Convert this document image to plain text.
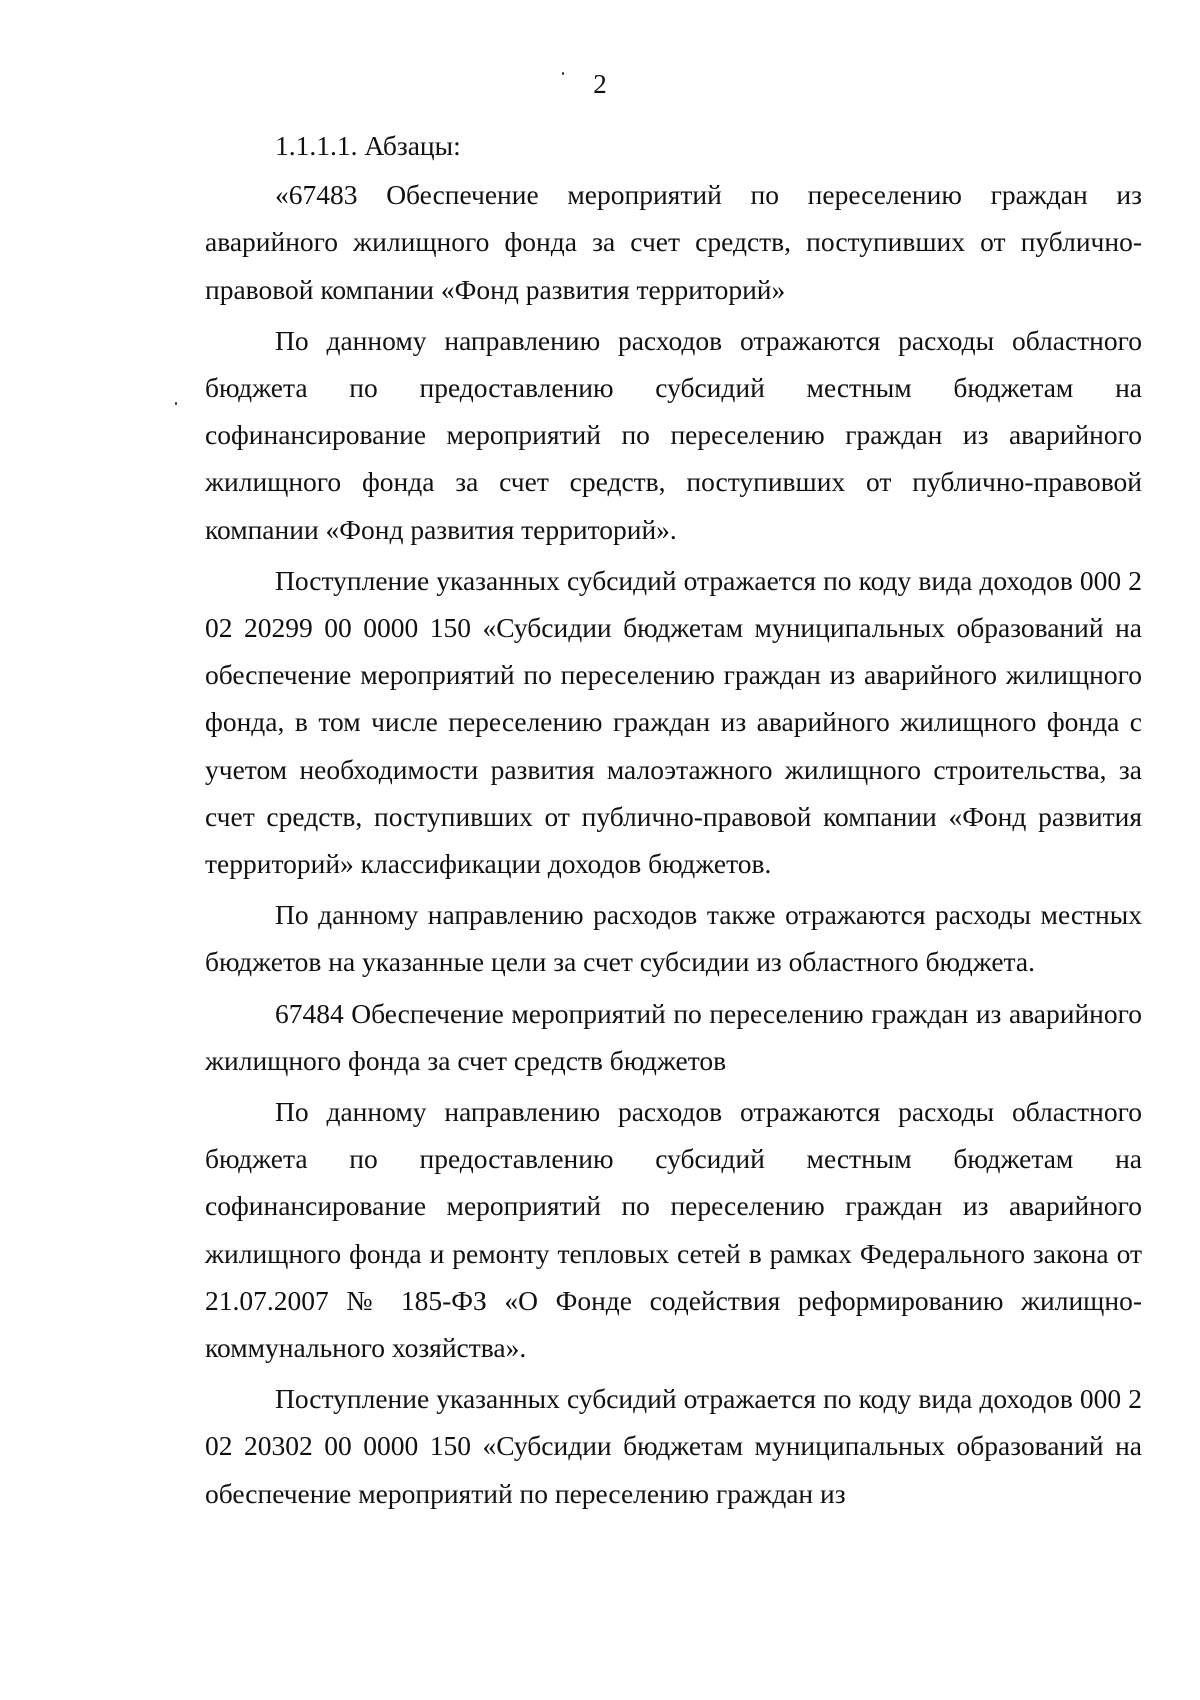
2

1.1.1.1. Абзацы:

«67483 Обеспечение мероприятий по переселению граждан из аварийного жилищного фонда за счет средств, поступивших от публично-правовой компании «Фонд развития территорий»

По данному направлению расходов отражаются расходы областного бюджета по предоставлению субсидий местным бюджетам на софинансирование мероприятий по переселению граждан из аварийного жилищного фонда за счет средств, поступивших от публично-правовой компании «Фонд развития территорий».

Поступление указанных субсидий отражается по коду вида доходов 000 2 02 20299 00 0000 150 «Субсидии бюджетам муниципальных образований на обеспечение мероприятий по переселению граждан из аварийного жилищного фонда, в том числе переселению граждан из аварийного жилищного фонда с учетом необходимости развития малоэтажного жилищного строительства, за счет средств, поступивших от публично-правовой компании «Фонд развития территорий» классификации доходов бюджетов.

По данному направлению расходов также отражаются расходы местных бюджетов на указанные цели за счет субсидии из областного бюджета.

67484 Обеспечение мероприятий по переселению граждан из аварийного жилищного фонда за счет средств бюджетов

По данному направлению расходов отражаются расходы областного бюджета по предоставлению субсидий местным бюджетам на софинансирование мероприятий по переселению граждан из аварийного жилищного фонда и ремонту тепловых сетей в рамках Федерального закона от 21.07.2007 № 185-ФЗ «О Фонде содействия реформированию жилищно-коммунального хозяйства».

Поступление указанных субсидий отражается по коду вида доходов 000 2 02 20302 00 0000 150 «Субсидии бюджетам муниципальных образований на обеспечение мероприятий по переселению граждан из
